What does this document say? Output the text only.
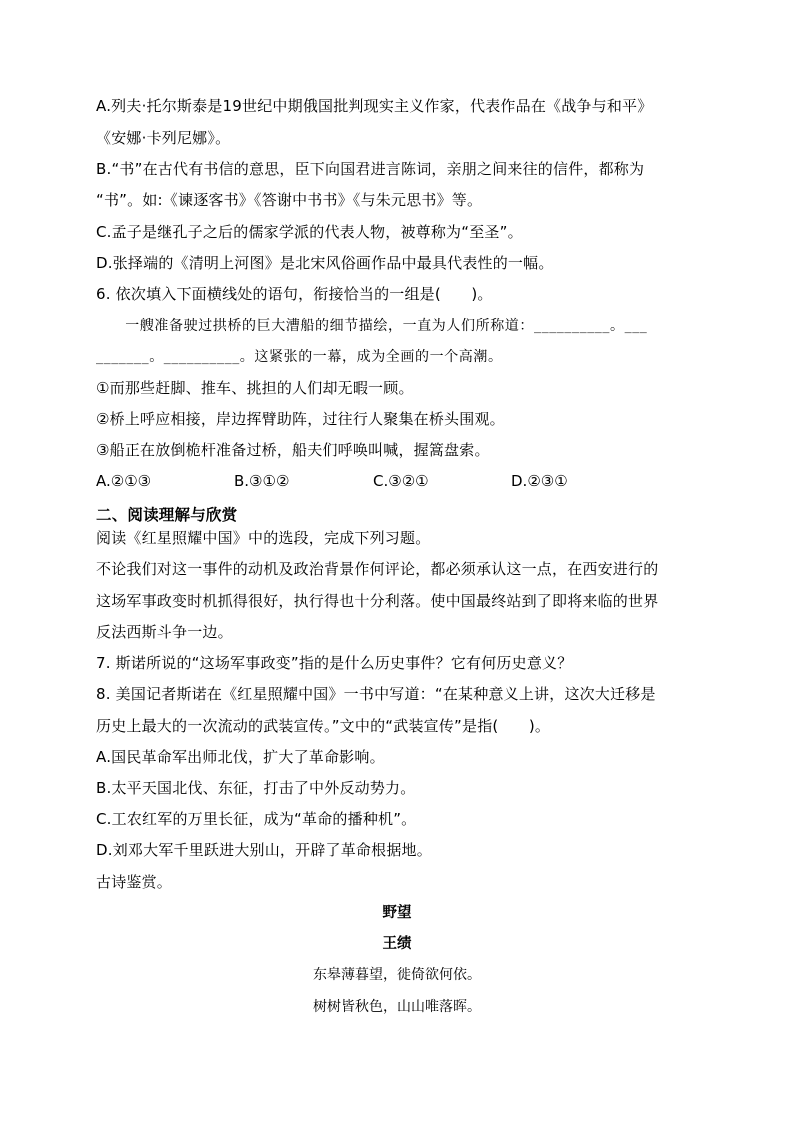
A.列夫·托尔斯泰是19世纪中期俄国批判现实主义作家，代表作品在《战争与和平》
《安娜·卡列尼娜》。
B.“书”在古代有书信的意思，臣下向国君进言陈词，亲朋之间来往的信件，都称为
“书”。如:《谏逐客书》《答谢中书书》《与朱元思书》等。
C.孟子是继孔子之后的儒家学派的代表人物，被尊称为“至圣”。
D.张择端的《清明上河图》是北宋风俗画作品中最具代表性的一幅。
6. 依次填入下面横线处的语句，衔接恰当的一组是(　　)。
　　一艘准备驶过拱桥的巨大漕船的细节描绘，一直为人们所称道：__________。___
_______。__________。这紧张的一幕，成为全画的一个高潮。
①而那些赶脚、推车、挑担的人们却无暇一顾。
②桥上呼应相接，岸边挥臂助阵，过往行人聚集在桥头围观。
③船正在放倒桅杆准备过桥，船夫们呼唤叫喊，握篙盘索。
A.②①③	B.③①②	C.③②①	D.②③①
二、阅读理解与欣赏
阅读《红星照耀中国》中的选段，完成下列习题。
不论我们对这一事件的动机及政治背景作何评论，都必须承认这一点，在西安进行的
这场军事政变时机抓得很好，执行得也十分利落。使中国最终站到了即将来临的世界
反法西斯斗争一边。
7. 斯诺所说的“这场军事政变”指的是什么历史事件？它有何历史意义？
8. 美国记者斯诺在《红星照耀中国》一书中写道：“在某种意义上讲，这次大迁移是
历史上最大的一次流动的武装宣传。”文中的“武装宣传”是指(　　)。
A.国民革命军出师北伐，扩大了革命影响。
B.太平天国北伐、东征，打击了中外反动势力。
C.工农红军的万里长征，成为“革命的播种机”。
D.刘邓大军千里跃进大别山，开辟了革命根据地。
古诗鉴赏。
野望
王绩
东皋薄暮望，徙倚欲何依。
树树皆秋色，山山唯落晖。
